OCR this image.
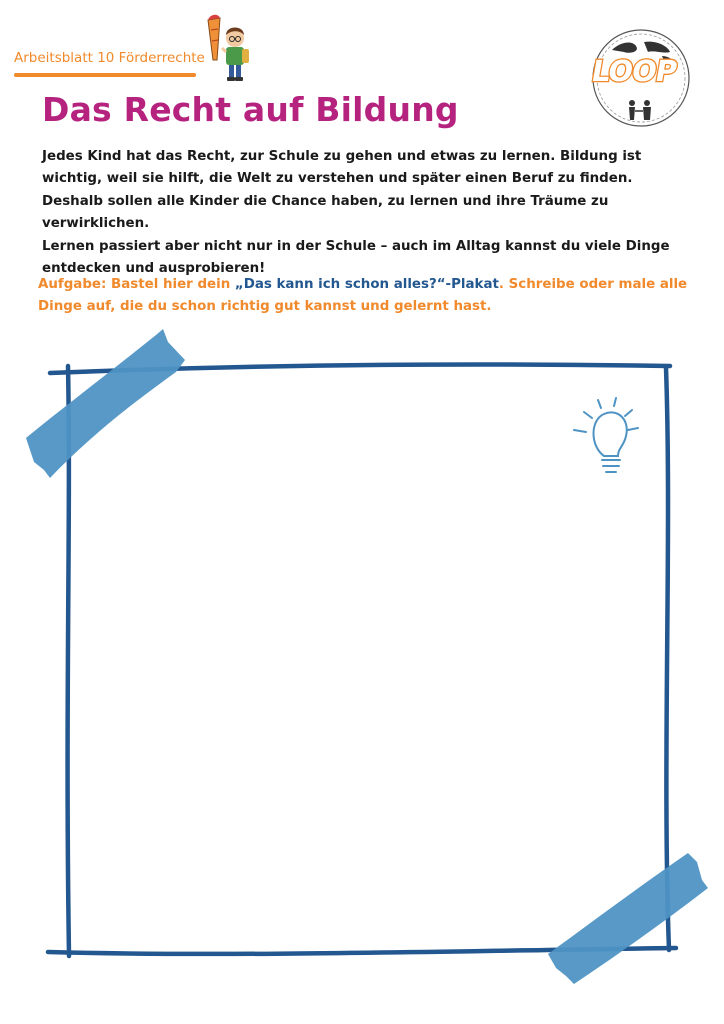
Arbeitsblatt 10 Förderrechte	LOOP
Das Recht auf Bildung

Jedes Kind hat das Recht, zur Schule zu gehen und etwas zu lernen. Bildung ist wichtig, weil sie hilft, die Welt zu verstehen und später einen Beruf zu finden. Deshalb sollen alle Kinder die Chance haben, zu lernen und ihre Träume zu verwirklichen.

Lernen passiert aber nicht nur in der Schule – auch im Alltag kannst du viele Dinge entdecken und ausprobieren!

Aufgabe: Bastel hier dein „Das kann ich schon alles?“-Plakat. Schreibe oder male alle Dinge auf, die du schon richtig gut kannst und gelernt hast.
